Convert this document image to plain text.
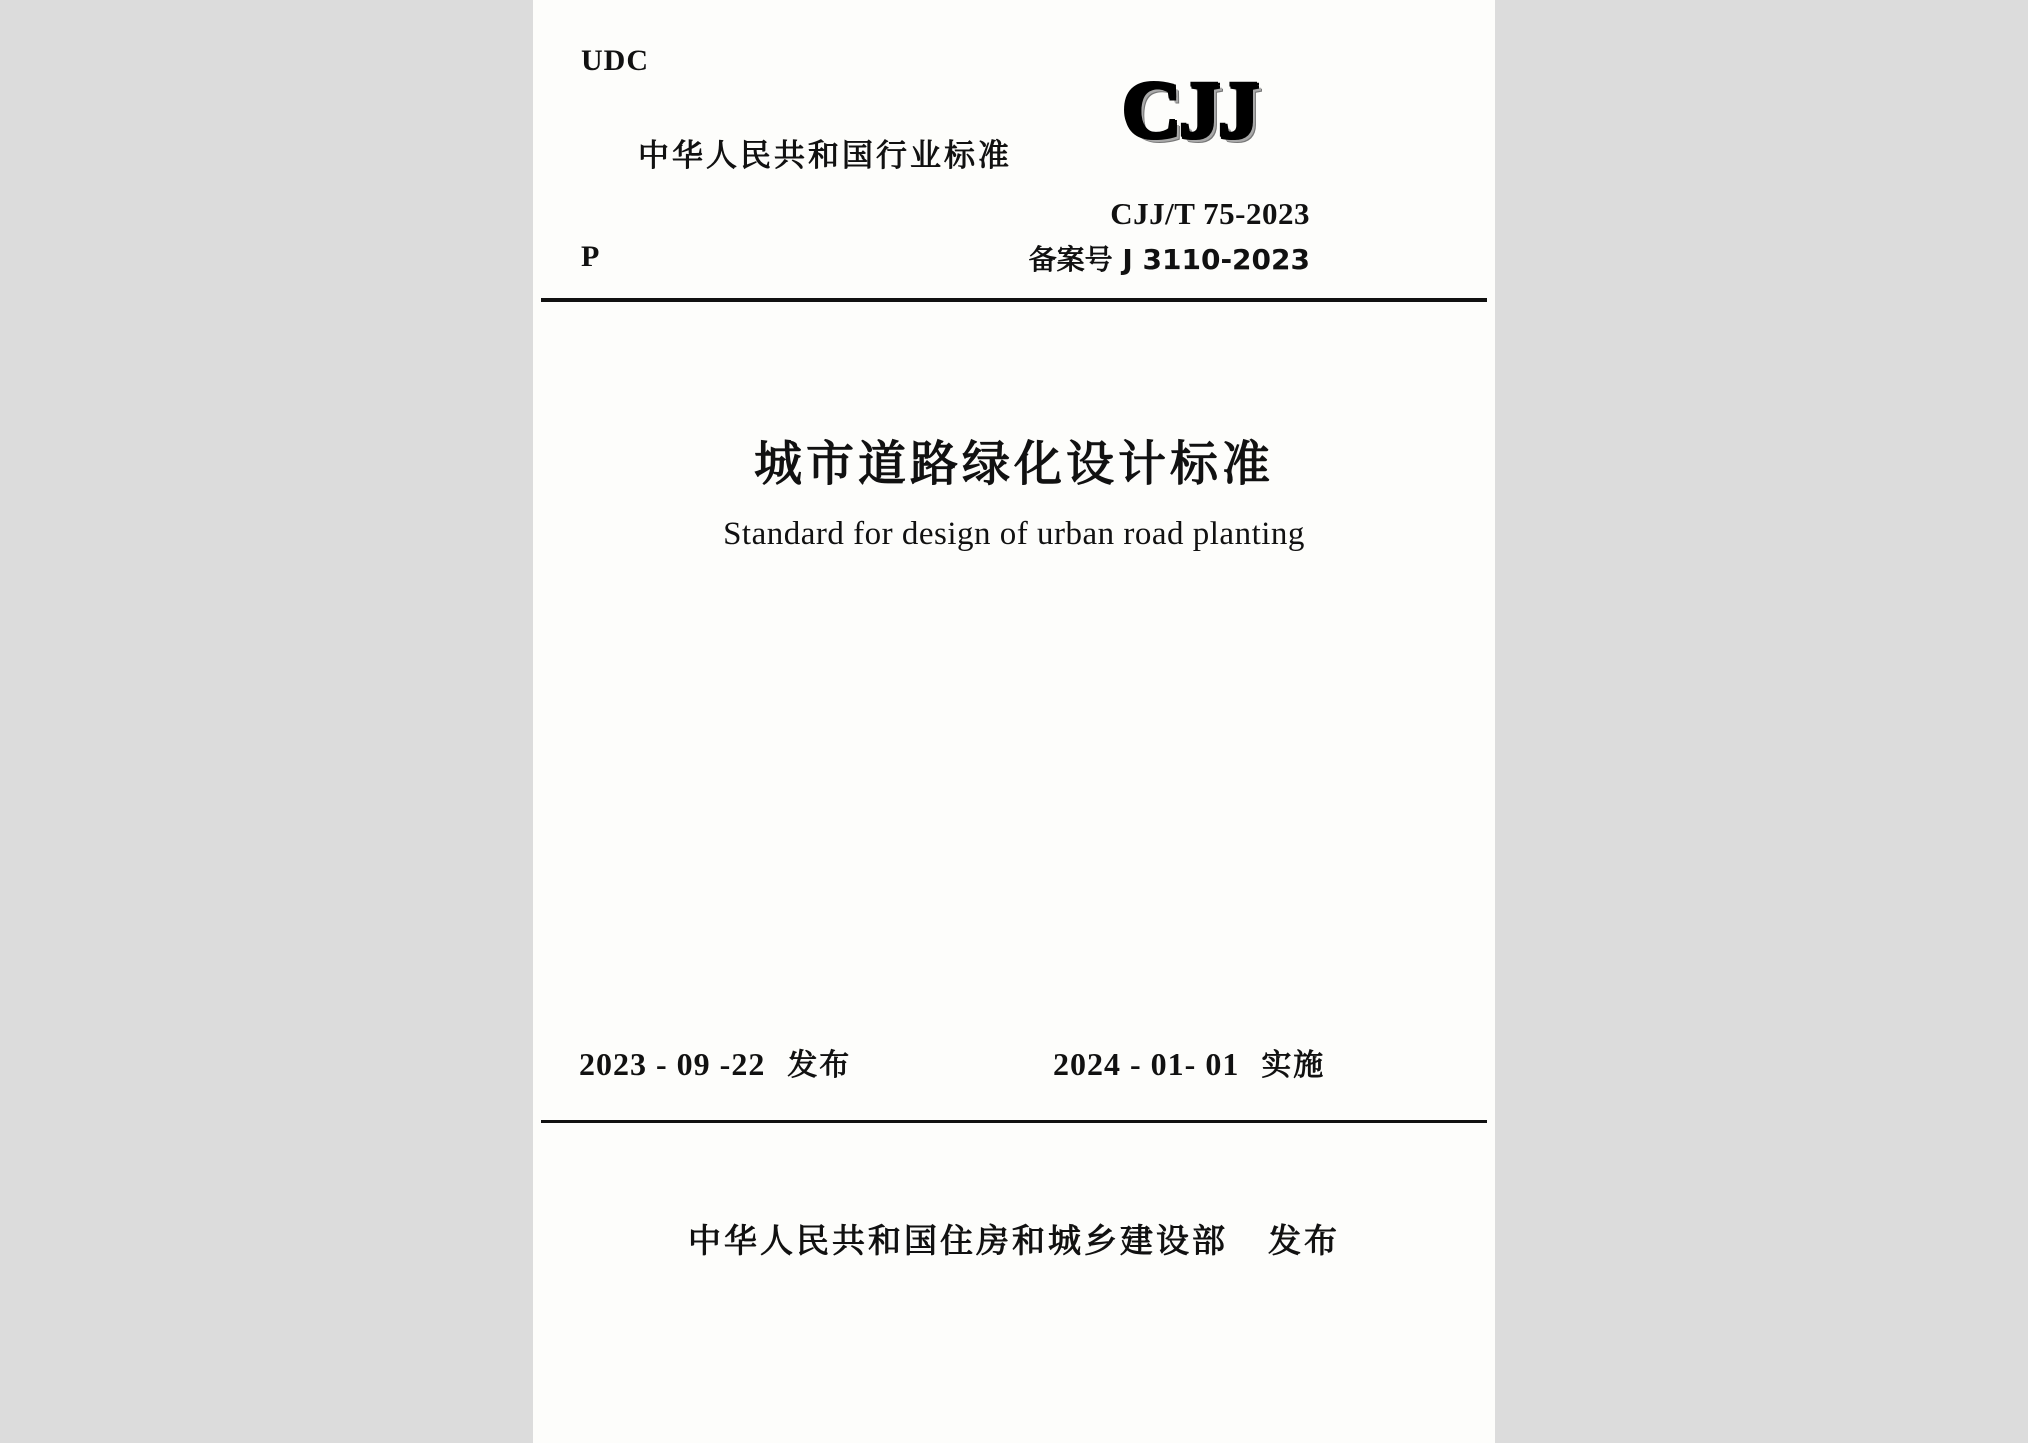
UDC
中华人民共和国行业标准
CJJ
CJJ/T 75-2023
P	备案号 J 3110-2023
城市道路绿化设计标准
Standard for design of urban road planting
2023 - 09 -22 发布	2024 - 01- 01 实施
中华人民共和国住房和城乡建设部 发布
